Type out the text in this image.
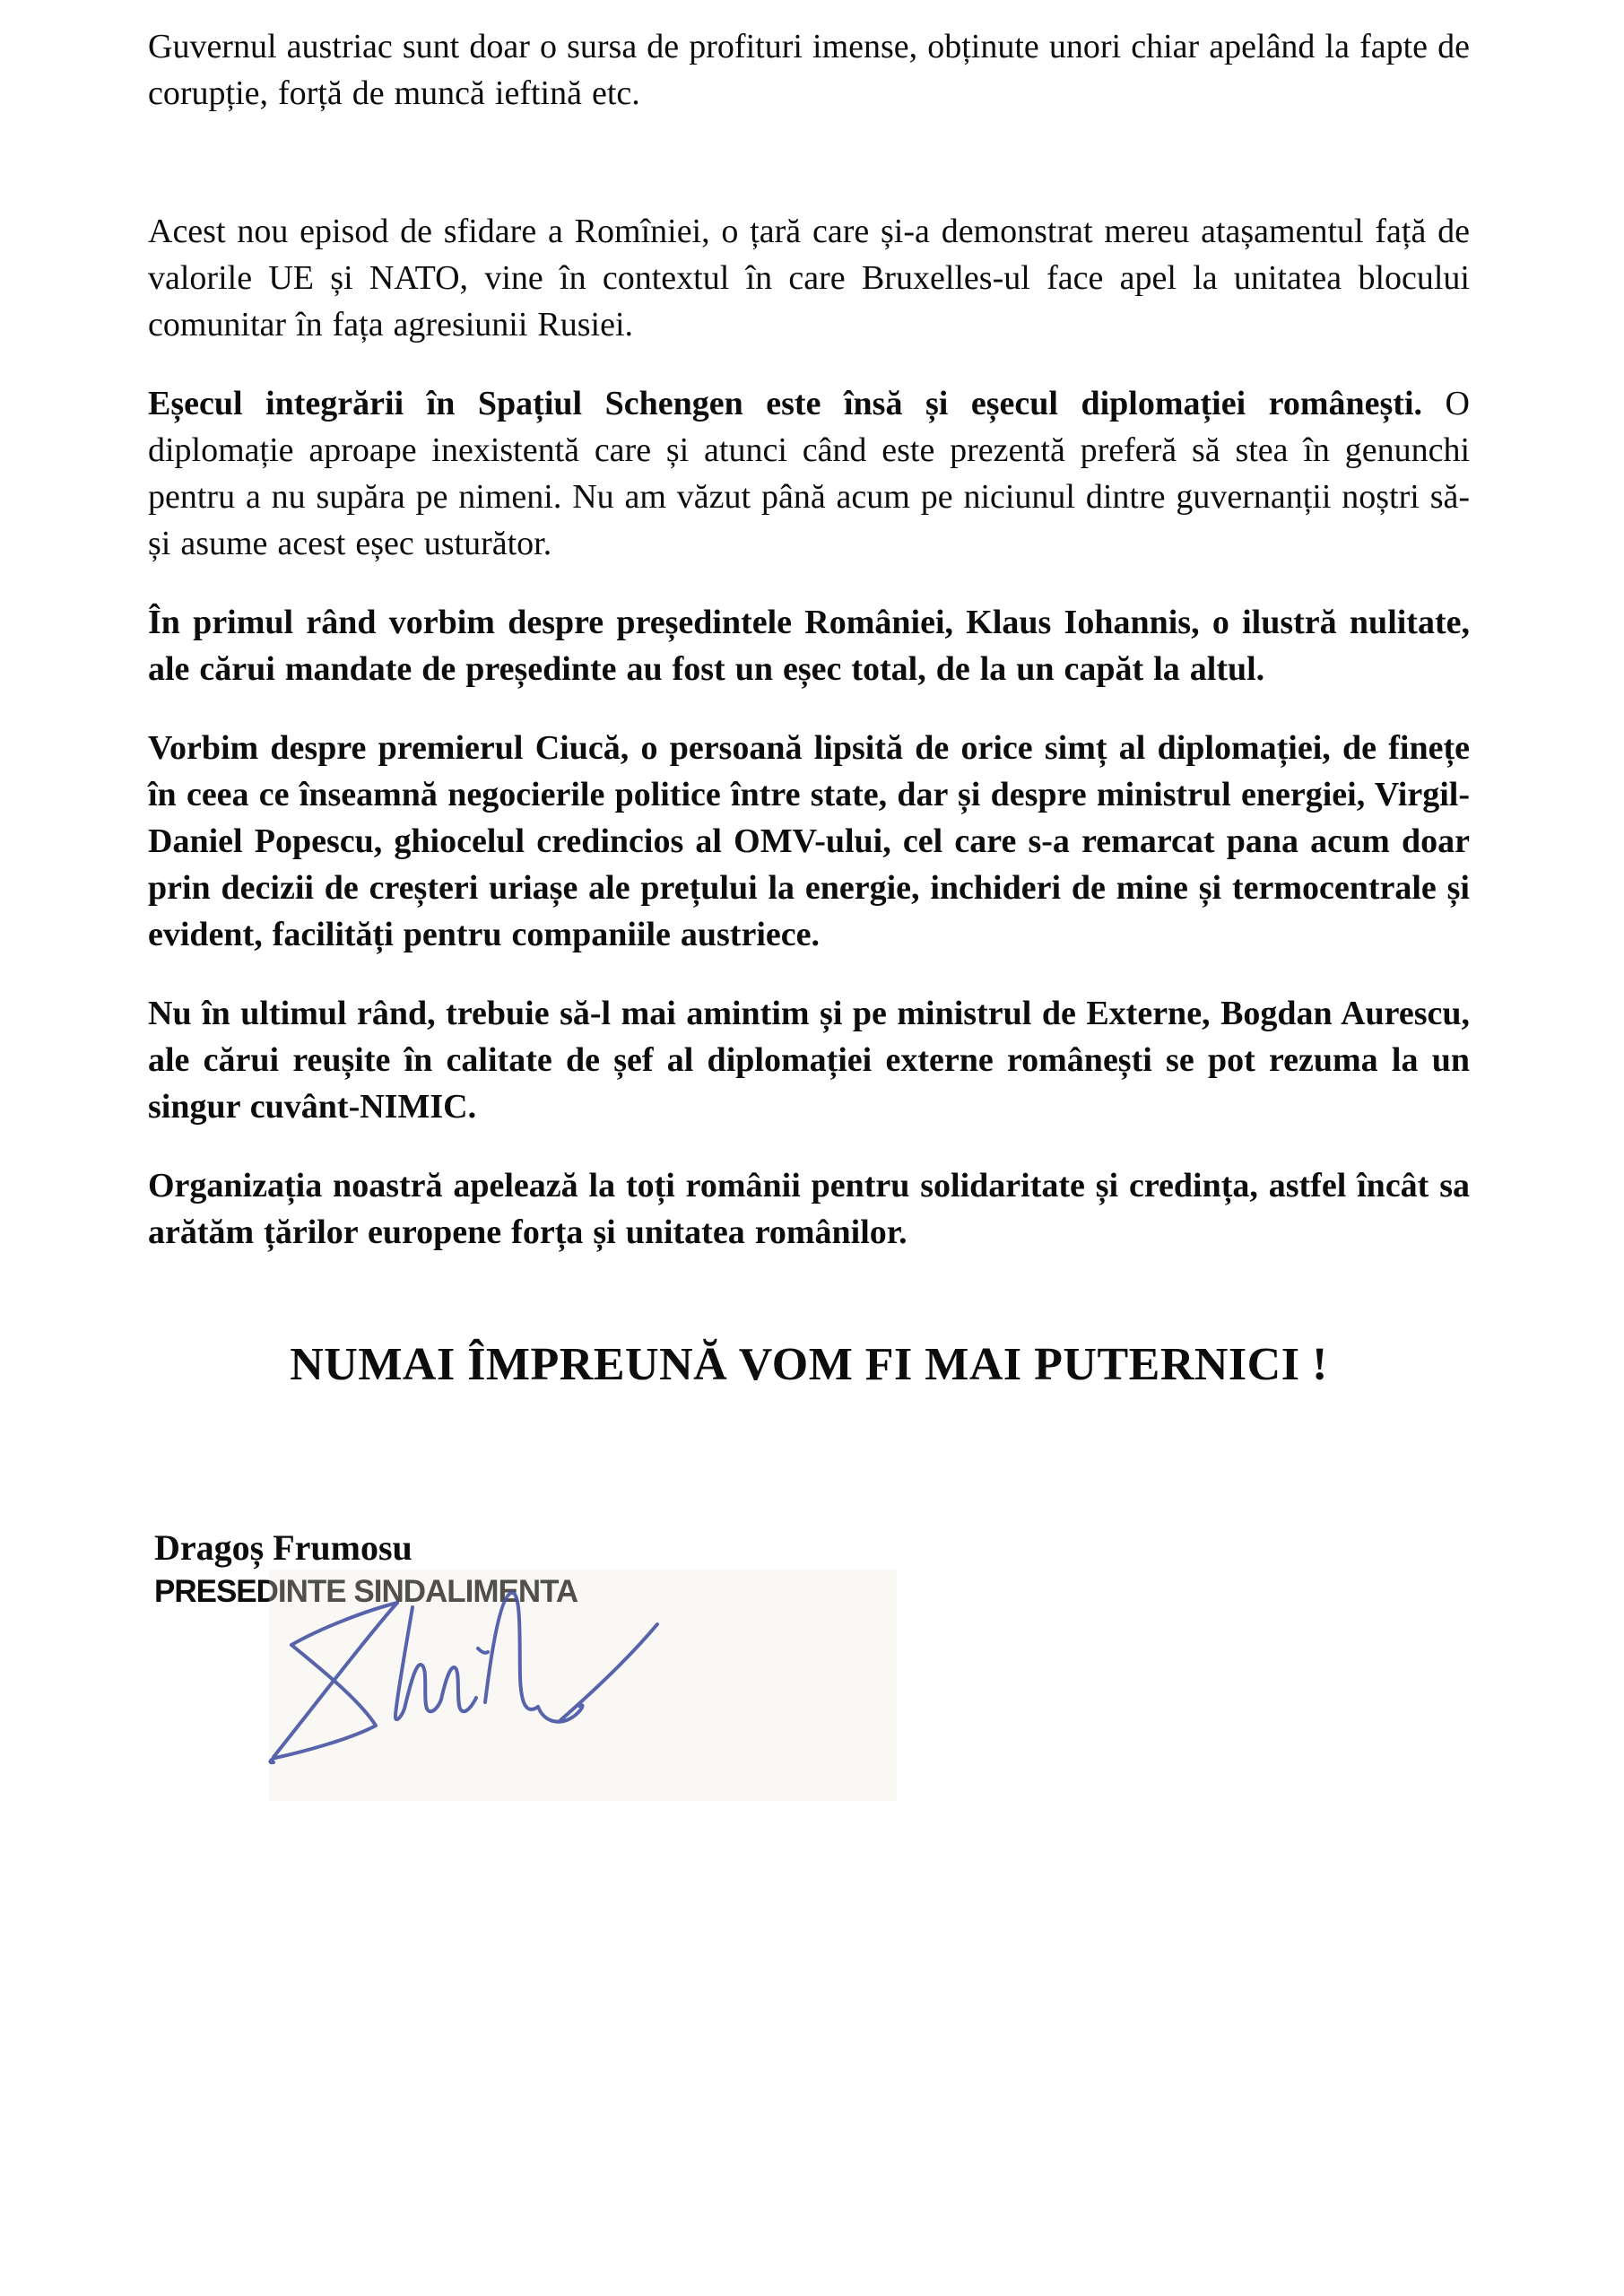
Guvernul austriac sunt doar o sursa de profituri imense, obținute unori chiar apelând la fapte de corupție, forță de muncă ieftină etc.

Acest nou episod de sfidare a Romîniei, o țară care și-a demonstrat mereu atașamentul față de valorile UE și NATO, vine în contextul în care Bruxelles-ul face apel la unitatea blocului comunitar în fața agresiunii Rusiei.

Eșecul integrării în Spațiul Schengen este însă și eșecul diplomației românești. O diplomație aproape inexistentă care și atunci când este prezentă preferă să stea în genunchi pentru a nu supăra pe nimeni. Nu am văzut până acum pe niciunul dintre guvernanții noștri să-și asume acest eșec usturător.

În primul rând vorbim despre președintele României, Klaus Iohannis, o ilustră nulitate, ale cărui mandate de președinte au fost un eșec total, de la un capăt la altul.

Vorbim despre premierul Ciucă, o persoană lipsită de orice simț al diplomației, de finețe în ceea ce înseamnă negocierile politice între state, dar și despre ministrul energiei, Virgil-Daniel Popescu, ghiocelul credincios al OMV-ului, cel care s-a remarcat pana acum doar prin decizii de creșteri uriașe ale prețului la energie, inchideri de mine și termocentrale și evident, facilități pentru companiile austriece.

Nu în ultimul rând, trebuie să-l mai amintim și pe ministrul de Externe, Bogdan Aurescu, ale cărui reușite în calitate de șef al diplomației externe românești se pot rezuma la un singur cuvânt-NIMIC.

Organizația noastră apelează la toți românii pentru solidaritate și credința, astfel încât sa arătăm țărilor europene forța și unitatea românilor.

NUMAI ÎMPREUNĂ VOM FI MAI PUTERNICI !
Dragoș Frumosu
PRESEDINTE SINDALIMENTA
